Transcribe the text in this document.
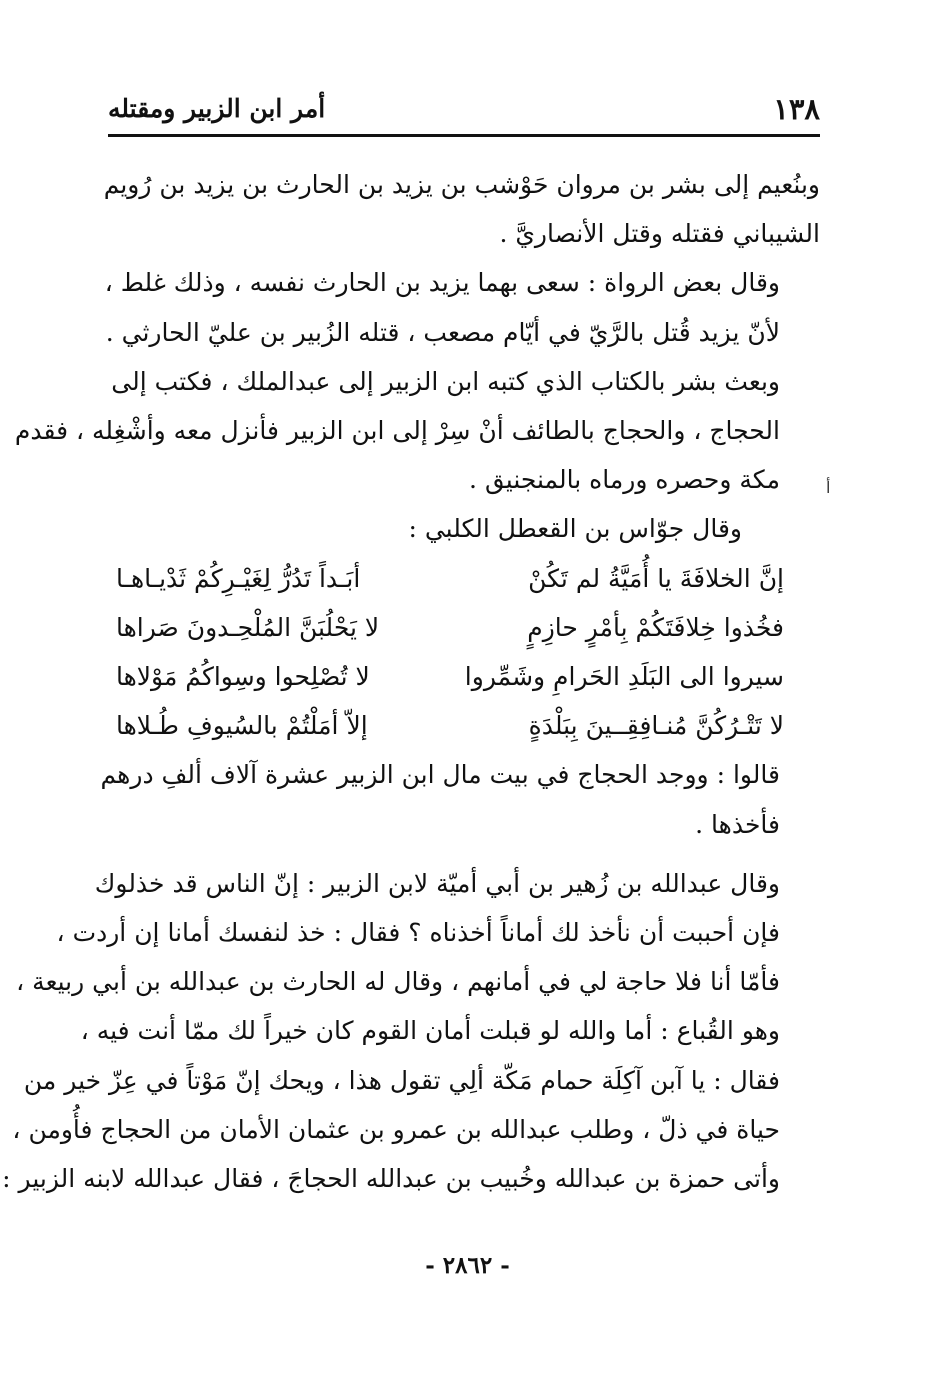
١٣٨
أمر ابن الزبير ومقتله
أ

وبنُعيم إلى بشر بن مروان حَوْشب بن يزيد بن الحارث بن يزيد بن رُويم
الشيباني فقتله وقتل الأنصاريَّ .

وقال بعض الرواة : سعى بهما يزيد بن الحارث نفسه ، وذلك غلط ،
لأنّ يزيد قُتل بالرَّيّ في أيّام مصعب ، قتله الزُبير بن عليّ الحارثي .

وبعث بشر بالكتاب الذي كتبه ابن الزبير إلى عبدالملك ، فكتب إلى
الحجاج ، والحجاج بالطائف أنْ سِرْ إلى ابن الزبير فأنزل معه وأشْغِله ، فقدم
مكة وحصره ورماه بالمنجنيق .

وقال جوّاس بن القعطل الكلبي :

إنَّ الخلافَةَ يا أُمَيَّةُ لم تَكُنْ
أبَـداً تَدُرُّ لِغَيْـرِكُمْ ثَدْيـاهـا
فخُذوا خِلافَتَكُمْ بِأمْرٍ حازِمٍ
لا يَحْلُبَنَّ المُلْحِـدونَ صَراها
سيروا الى البَلَدِ الحَرامِ وشَمِّروا
لا تُصْلِحوا وسِواكُمُ مَوْلاها
لا تَتْـرُكُنَّ مُنـافِقِــينَ بِبَلْدَةٍ
إلاّ أمَلْتُمْ بالسُيوفِ طُـلاها

قالوا : ووجد الحجاج في بيت مال ابن الزبير عشرة آلاف ألفِ درهم
فأخذها .

وقال عبدالله بن زُهير بن أبي أميّة لابن الزبير : إنّ الناس قد خذلوك
فإن أحببت أن نأخذ لك أماناً أخذناه ؟ فقال : خذ لنفسك أمانا إن أردت ،
فأمّا أنا فلا حاجة لي في أمانهم ، وقال له الحارث بن عبدالله بن أبي ربيعة ،
وهو القُباع : أما والله لو قبلت أمان القوم كان خيراً لك ممّا أنت فيه ،
فقال : يا آبن آكِلَة حمام مَكّة ألِي تقول هذا ، ويحك إنّ مَوْتاً في عِزّ خير من
حياة في ذلّ ، وطلب عبدالله بن عمرو بن عثمان الأمان من الحجاج فأُومن ،
وأتى حمزة بن عبدالله وخُبيب بن عبدالله الحجاجَ ، فقال عبدالله لابنه الزبير :

- ٢٨٦٢ -
